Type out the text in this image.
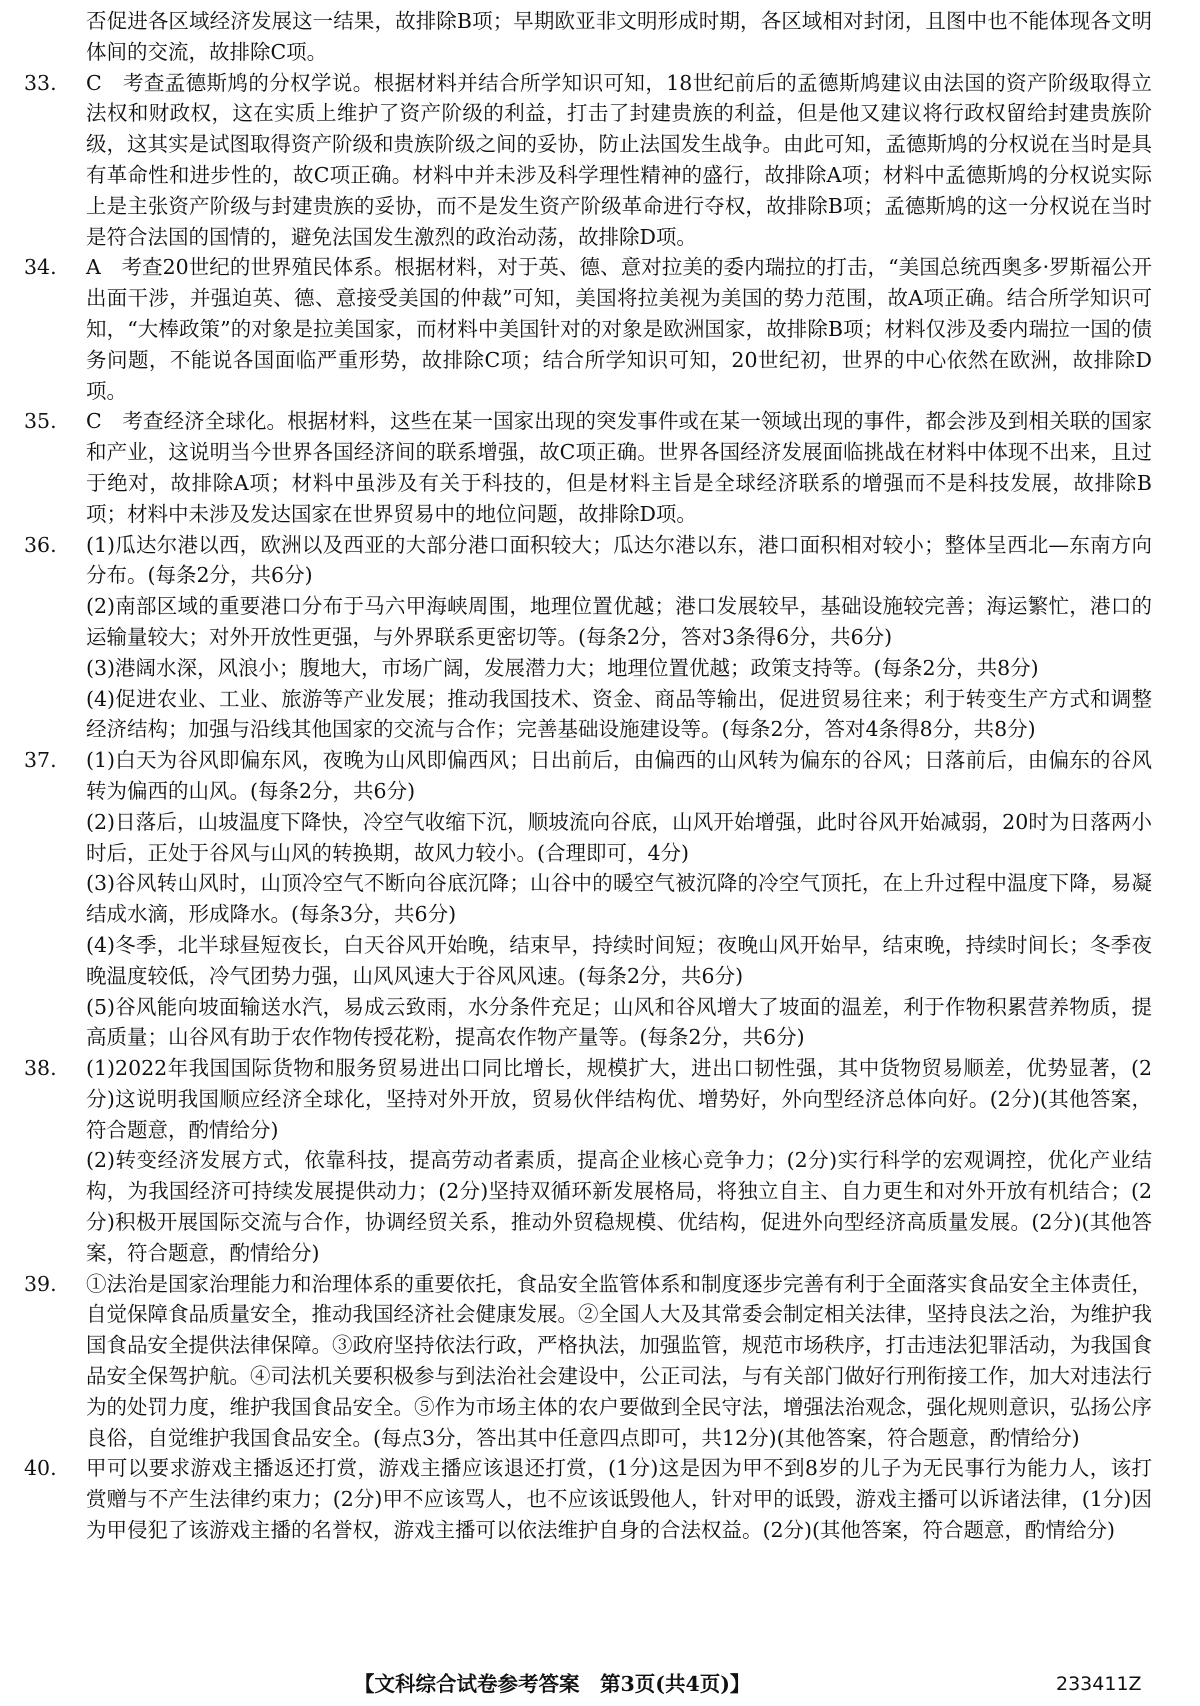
否促进各区域经济发展这一结果，故排除B项；早期欧亚非文明形成时期，各区域相对封闭，且图中也不能体现各文明体间的交流，故排除C项。

33. C　考查孟德斯鸠的分权学说。根据材料并结合所学知识可知，18世纪前后的孟德斯鸠建议由法国的资产阶级取得立法权和财政权，这在实质上维护了资产阶级的利益，打击了封建贵族的利益，但是他又建议将行政权留给封建贵族阶级，这其实是试图取得资产阶级和贵族阶级之间的妥协，防止法国发生战争。由此可知，孟德斯鸠的分权说在当时是具有革命性和进步性的，故C项正确。材料中并未涉及科学理性精神的盛行，故排除A项；材料中孟德斯鸠的分权说实际上是主张资产阶级与封建贵族的妥协，而不是发生资产阶级革命进行夺权，故排除B项；孟德斯鸠的这一分权说在当时是符合法国的国情的，避免法国发生激烈的政治动荡，故排除D项。

34. A　考查20世纪的世界殖民体系。根据材料，对于英、德、意对拉美的委内瑞拉的打击，“美国总统西奥多·罗斯福公开出面干涉，并强迫英、德、意接受美国的仲裁”可知，美国将拉美视为美国的势力范围，故A项正确。结合所学知识可知，“大棒政策”的对象是拉美国家，而材料中美国针对的对象是欧洲国家，故排除B项；材料仅涉及委内瑞拉一国的债务问题，不能说各国面临严重形势，故排除C项；结合所学知识可知，20世纪初，世界的中心依然在欧洲，故排除D项。

35. C　考查经济全球化。根据材料，这些在某一国家出现的突发事件或在某一领域出现的事件，都会涉及到相关联的国家和产业，这说明当今世界各国经济间的联系增强，故C项正确。世界各国经济发展面临挑战在材料中体现不出来，且过于绝对，故排除A项；材料中虽涉及有关于科技的，但是材料主旨是全球经济联系的增强而不是科技发展，故排除B项；材料中未涉及发达国家在世界贸易中的地位问题，故排除D项。

36. (1)瓜达尔港以西，欧洲以及西亚的大部分港口面积较大；瓜达尔港以东，港口面积相对较小；整体呈西北—东南方向分布。(每条2分，共6分)

(2)南部区域的重要港口分布于马六甲海峡周围，地理位置优越；港口发展较早，基础设施较完善；海运繁忙，港口的运输量较大；对外开放性更强，与外界联系更密切等。(每条2分，答对3条得6分，共6分)

(3)港阔水深，风浪小；腹地大，市场广阔，发展潜力大；地理位置优越；政策支持等。(每条2分，共8分)

(4)促进农业、工业、旅游等产业发展；推动我国技术、资金、商品等输出，促进贸易往来；利于转变生产方式和调整经济结构；加强与沿线其他国家的交流与合作；完善基础设施建设等。(每条2分，答对4条得8分，共8分)

37. (1)白天为谷风即偏东风，夜晚为山风即偏西风；日出前后，由偏西的山风转为偏东的谷风；日落前后，由偏东的谷风转为偏西的山风。(每条2分，共6分)

(2)日落后，山坡温度下降快，冷空气收缩下沉，顺坡流向谷底，山风开始增强，此时谷风开始减弱，20时为日落两小时后，正处于谷风与山风的转换期，故风力较小。(合理即可，4分)

(3)谷风转山风时，山顶冷空气不断向谷底沉降；山谷中的暖空气被沉降的冷空气顶托，在上升过程中温度下降，易凝结成水滴，形成降水。(每条3分，共6分)

(4)冬季，北半球昼短夜长，白天谷风开始晚，结束早，持续时间短；夜晚山风开始早，结束晚，持续时间长；冬季夜晚温度较低，冷气团势力强，山风风速大于谷风风速。(每条2分，共6分)

(5)谷风能向坡面输送水汽，易成云致雨，水分条件充足；山风和谷风增大了坡面的温差，利于作物积累营养物质，提高质量；山谷风有助于农作物传授花粉，提高农作物产量等。(每条2分，共6分)

38. (1)2022年我国国际货物和服务贸易进出口同比增长，规模扩大，进出口韧性强，其中货物贸易顺差，优势显著，(2分)这说明我国顺应经济全球化，坚持对外开放，贸易伙伴结构优、增势好，外向型经济总体向好。(2分)(其他答案，符合题意，酌情给分)

(2)转变经济发展方式，依靠科技，提高劳动者素质，提高企业核心竞争力；(2分)实行科学的宏观调控，优化产业结构，为我国经济可持续发展提供动力；(2分)坚持双循环新发展格局，将独立自主、自力更生和对外开放有机结合；(2分)积极开展国际交流与合作，协调经贸关系，推动外贸稳规模、优结构，促进外向型经济高质量发展。(2分)(其他答案，符合题意，酌情给分)

39. ①法治是国家治理能力和治理体系的重要依托，食品安全监管体系和制度逐步完善有利于全面落实食品安全主体责任，自觉保障食品质量安全，推动我国经济社会健康发展。②全国人大及其常委会制定相关法律，坚持良法之治，为维护我国食品安全提供法律保障。③政府坚持依法行政，严格执法，加强监管，规范市场秩序，打击违法犯罪活动，为我国食品安全保驾护航。④司法机关要积极参与到法治社会建设中，公正司法，与有关部门做好行刑衔接工作，加大对违法行为的处罚力度，维护我国食品安全。⑤作为市场主体的农户要做到全民守法，增强法治观念，强化规则意识，弘扬公序良俗，自觉维护我国食品安全。(每点3分，答出其中任意四点即可，共12分)(其他答案，符合题意，酌情给分)

40. 甲可以要求游戏主播返还打赏，游戏主播应该退还打赏，(1分)这是因为甲不到8岁的儿子为无民事行为能力人，该打赏赠与不产生法律约束力；(2分)甲不应该骂人，也不应该诋毁他人，针对甲的诋毁，游戏主播可以诉诸法律，(1分)因为甲侵犯了该游戏主播的名誉权，游戏主播可以依法维护自身的合法权益。(2分)(其他答案，符合题意，酌情给分)

【文科综合试卷参考答案　第3页(共4页)】	233411Z
